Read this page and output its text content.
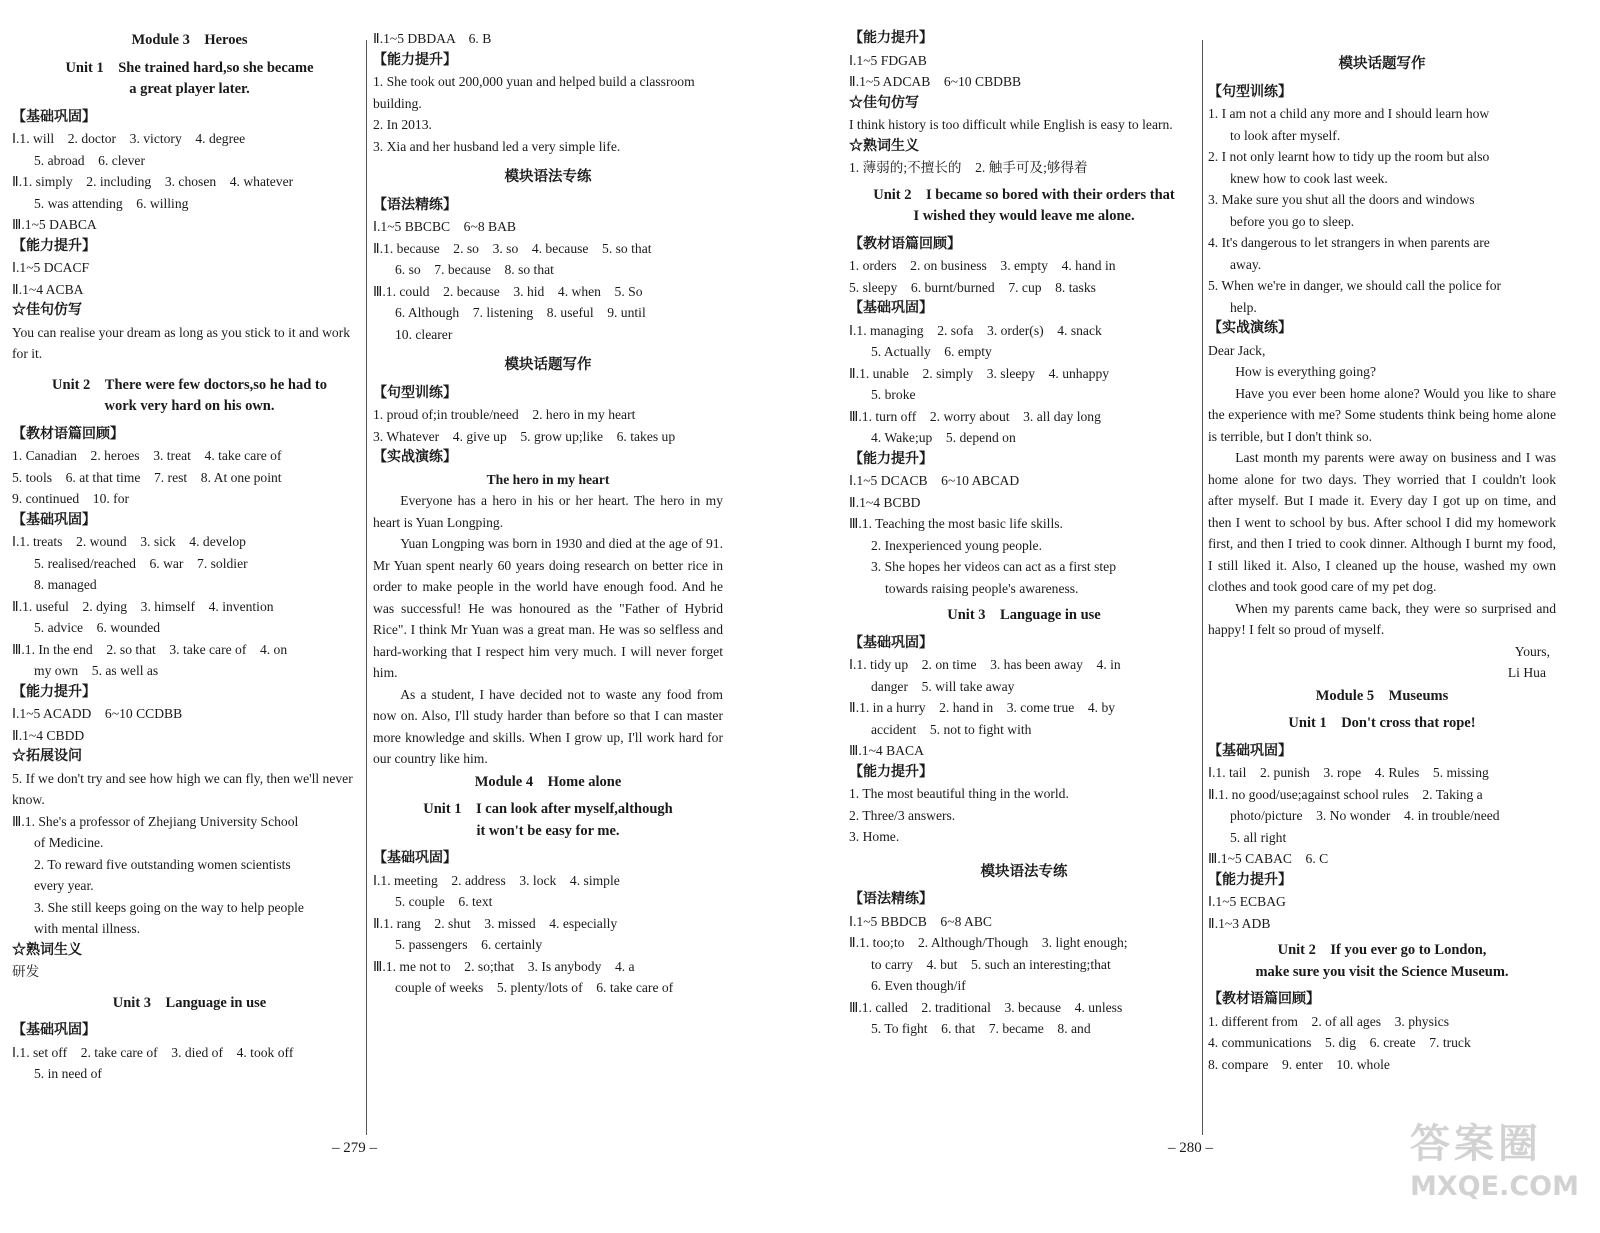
Module 3　Heroes
Unit 1　She trained hard,so she became
a great player later.
【基础巩固】
Ⅰ.1. will　2. doctor　3. victory　4. degree
5. abroad　6. clever
Ⅱ.1. simply　2. including　3. chosen　4. whatever
5. was attending　6. willing
Ⅲ.1~5 DABCA
【能力提升】
Ⅰ.1~5 DCACF
Ⅱ.1~4 ACBA
☆佳句仿写
You can realise your dream as long as you stick to it and work for it.
Unit 2　There were few doctors,so he had to
work very hard on his own.
【教材语篇回顾】
1. Canadian　2. heroes　3. treat　4. take care of
5. tools　6. at that time　7. rest　8. At one point
9. continued　10. for
【基础巩固】
Ⅰ.1. treats　2. wound　3. sick　4. develop
5. realised/reached　6. war　7. soldier
8. managed
Ⅱ.1. useful　2. dying　3. himself　4. invention
5. advice　6. wounded
Ⅲ.1. In the end　2. so that　3. take care of　4. on
my own　5. as well as
【能力提升】
Ⅰ.1~5 ACADD　6~10 CCDBB
Ⅱ.1~4 CBDD
☆拓展设问
5. If we don't try and see how high we can fly, then we'll never know.
Ⅲ.1. She's a professor of Zhejiang University School
of Medicine.
2. To reward five outstanding women scientists
every year.
3. She still keeps going on the way to help people
with mental illness.
☆熟词生义
研发
Unit 3　Language in use
【基础巩固】
Ⅰ.1. set off　2. take care of　3. died of　4. took off
5. in need of
Ⅱ.1~5 DBDAA　6. B
【能力提升】
1. She took out 200,000 yuan and helped build a classroom building.
2. In 2013.
3. Xia and her husband led a very simple life.
模块语法专练
【语法精练】
Ⅰ.1~5 BBCBC　6~8 BAB
Ⅱ.1. because　2. so　3. so　4. because　5. so that
6. so　7. because　8. so that
Ⅲ.1. could　2. because　3. hid　4. when　5. So
6. Although　7. listening　8. useful　9. until
10. clearer
模块话题写作
【句型训练】
1. proud of;in trouble/need　2. hero in my heart
3. Whatever　4. give up　5. grow up;like　6. takes up
【实战演练】
The hero in my heart
Everyone has a hero in his or her heart. The hero in my heart is Yuan Longping.
Yuan Longping was born in 1930 and died at the age of 91. Mr Yuan spent nearly 60 years doing research on better rice in order to make people in the world have enough food. And he was successful! He was honoured as the "Father of Hybrid Rice". I think Mr Yuan was a great man. He was so selfless and hard-working that I respect him very much. I will never forget him.
As a student, I have decided not to waste any food from now on. Also, I'll study harder than before so that I can master more knowledge and skills. When I grow up, I'll work hard for our country like him.
Module 4　Home alone
Unit 1　I can look after myself,although
it won't be easy for me.
【基础巩固】
Ⅰ.1. meeting　2. address　3. lock　4. simple
5. couple　6. text
Ⅱ.1. rang　2. shut　3. missed　4. especially
5. passengers　6. certainly
Ⅲ.1. me not to　2. so;that　3. Is anybody　4. a
couple of weeks　5. plenty/lots of　6. take care of
【能力提升】
Ⅰ.1~5 FDGAB
Ⅱ.1~5 ADCAB　6~10 CBDBB
☆佳句仿写
I think history is too difficult while English is easy to learn.
☆熟词生义
1. 薄弱的;不擅长的　2. 触手可及;够得着
Unit 2　I became so bored with their orders that
I wished they would leave me alone.
【教材语篇回顾】
1. orders　2. on business　3. empty　4. hand in
5. sleepy　6. burnt/burned　7. cup　8. tasks
【基础巩固】
Ⅰ.1. managing　2. sofa　3. order(s)　4. snack
5. Actually　6. empty
Ⅱ.1. unable　2. simply　3. sleepy　4. unhappy
5. broke
Ⅲ.1. turn off　2. worry about　3. all day long
4. Wake;up　5. depend on
【能力提升】
Ⅰ.1~5 DCACB　6~10 ABCAD
Ⅱ.1~4 BCBD
Ⅲ.1. Teaching the most basic life skills.
2. Inexperienced young people.
3. She hopes her videos can act as a first step
towards raising people's awareness.
Unit 3　Language in use
【基础巩固】
Ⅰ.1. tidy up　2. on time　3. has been away　4. in
danger　5. will take away
Ⅱ.1. in a hurry　2. hand in　3. come true　4. by
accident　5. not to fight with
Ⅲ.1~4 BACA
【能力提升】
1. The most beautiful thing in the world.
2. Three/3 answers.
3. Home.
模块语法专练
【语法精练】
Ⅰ.1~5 BBDCB　6~8 ABC
Ⅱ.1. too;to　2. Although/Though　3. light enough;
to carry　4. but　5. such an interesting;that
6. Even though/if
Ⅲ.1. called　2. traditional　3. because　4. unless
5. To fight　6. that　7. became　8. and
模块话题写作
【句型训练】
1. I am not a child any more and I should learn how
to look after myself.
2. I not only learnt how to tidy up the room but also
knew how to cook last week.
3. Make sure you shut all the doors and windows
before you go to sleep.
4. It's dangerous to let strangers in when parents are
away.
5. When we're in danger, we should call the police for
help.
【实战演练】
Dear Jack,
How is everything going?
Have you ever been home alone? Would you like to share the experience with me? Some students think being home alone is terrible, but I don't think so.
Last month my parents were away on business and I was home alone for two days. They worried that I couldn't look after myself. But I made it. Every day I got up on time, and then I went to school by bus. After school I did my homework first, and then I tried to cook dinner. Although I burnt my food, I still liked it. Also, I cleaned up the house, washed my own clothes and took good care of my pet dog.
When my parents came back, they were so surprised and happy! I felt so proud of myself.
Yours,
Li Hua
Module 5　Museums
Unit 1　Don't cross that rope!
【基础巩固】
Ⅰ.1. tail　2. punish　3. rope　4. Rules　5. missing
Ⅱ.1. no good/use;against school rules　2. Taking a
photo/picture　3. No wonder　4. in trouble/need
5. all right
Ⅲ.1~5 CABAC　6. C
【能力提升】
Ⅰ.1~5 ECBAG
Ⅱ.1~3 ADB
Unit 2　If you ever go to London,
make sure you visit the Science Museum.
【教材语篇回顾】
1. different from　2. of all ages　3. physics
4. communications　5. dig　6. create　7. truck
8. compare　9. enter　10. whole
– 279 –	– 280 –	答案圈
MXQE.COM
